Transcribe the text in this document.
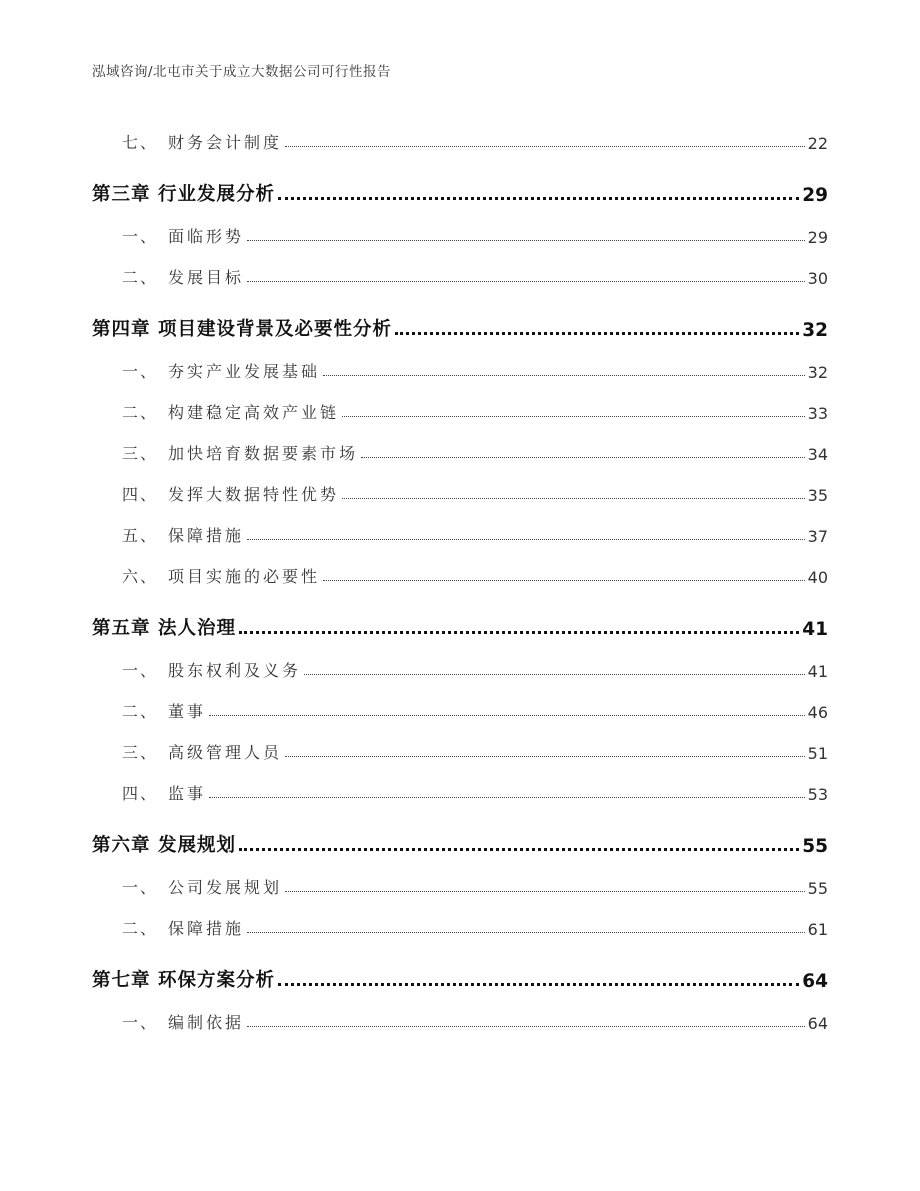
泓域咨询/北屯市关于成立大数据公司可行性报告
七、 财务会计制度	22
第三章 行业发展分析	29
一、 面临形势	29
二、 发展目标	30
第四章 项目建设背景及必要性分析	32
一、 夯实产业发展基础	32
二、 构建稳定高效产业链	33
三、 加快培育数据要素市场	34
四、 发挥大数据特性优势	35
五、 保障措施	37
六、 项目实施的必要性	40
第五章 法人治理	41
一、 股东权利及义务	41
二、 董事	46
三、 高级管理人员	51
四、 监事	53
第六章 发展规划	55
一、 公司发展规划	55
二、 保障措施	61
第七章 环保方案分析	64
一、 编制依据	64
